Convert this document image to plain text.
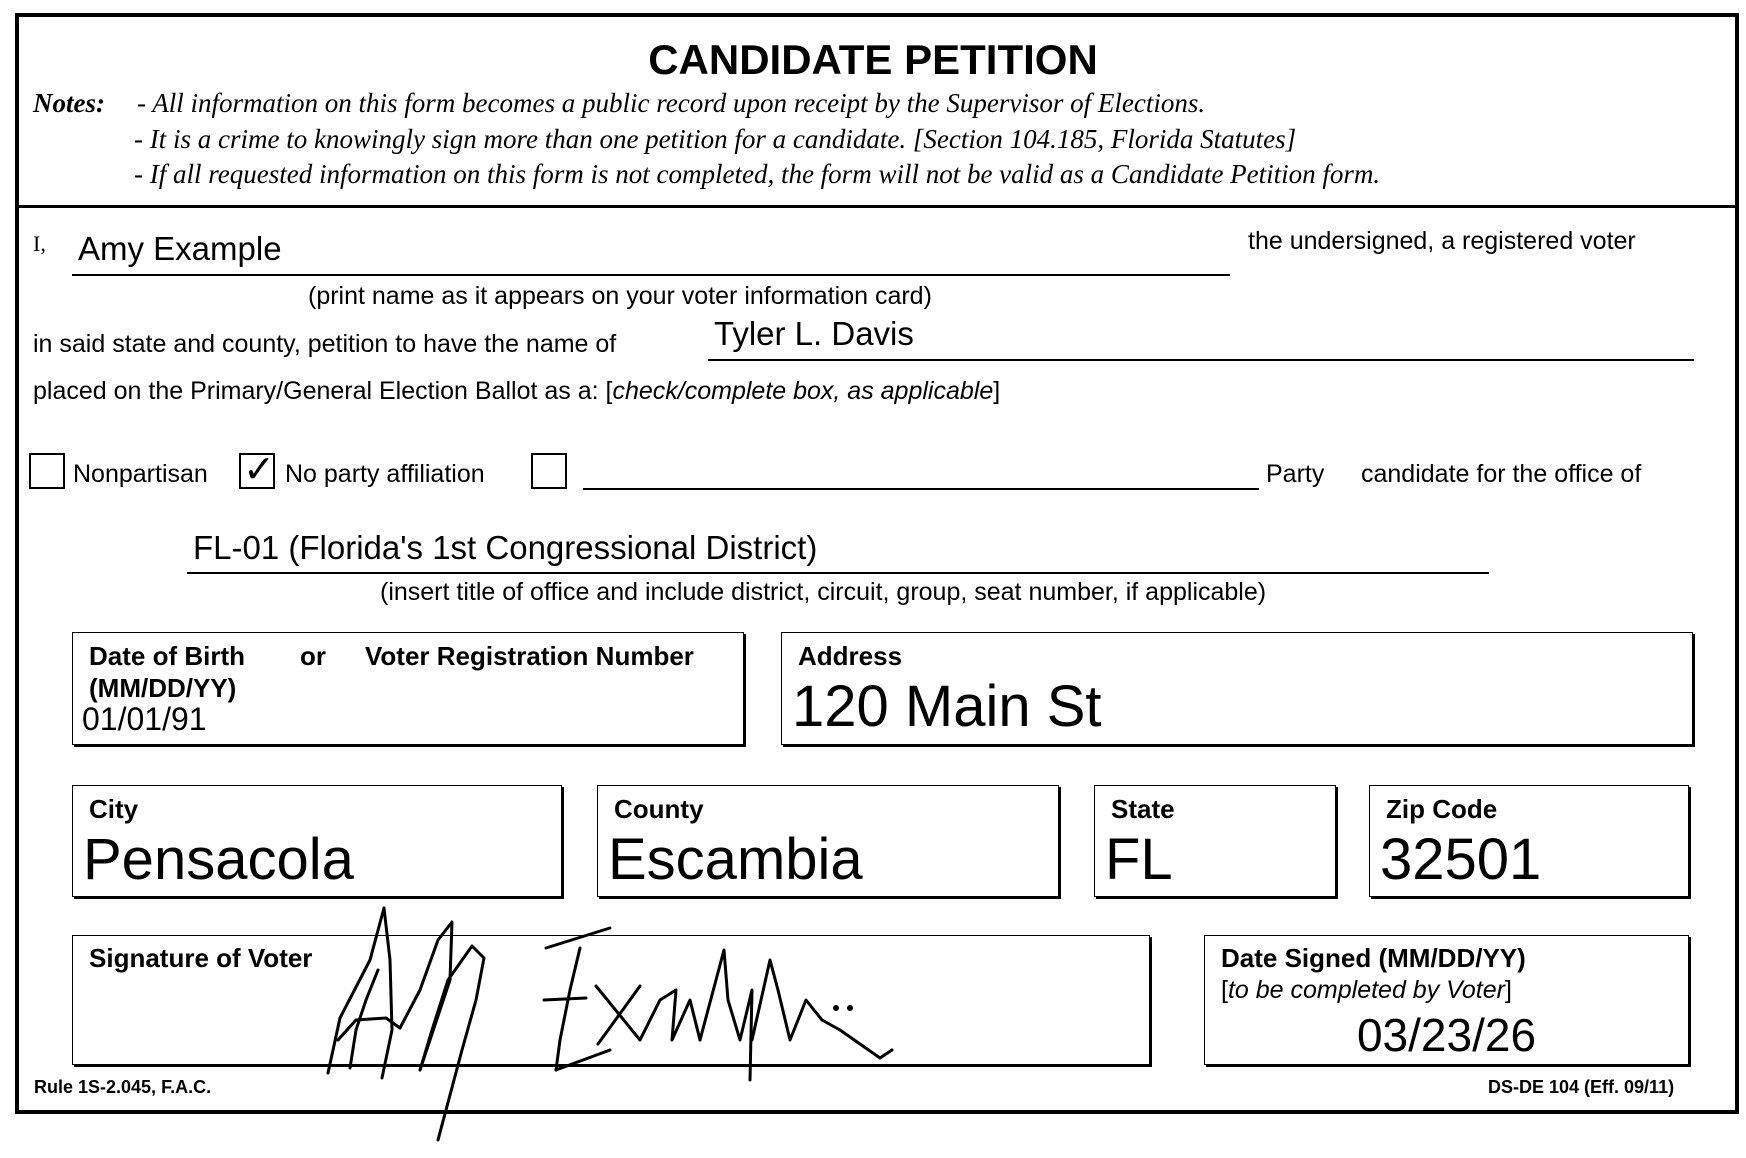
CANDIDATE PETITION
Notes: - All information on this form becomes a public record upon receipt by the Supervisor of Elections.
- It is a crime to knowingly sign more than one petition for a candidate. [Section 104.185, Florida Statutes]
- If all requested information on this form is not completed, the form will not be valid as a Candidate Petition form.
I, Amy Example	the undersigned, a registered voter
(print name as it appears on your voter information card)
in said state and county, petition to have the name of	Tyler L. Davis
placed on the Primary/General Election Ballot as a: [check/complete box, as applicable]
Nonpartisan ✓ No party affiliation	Party candidate for the office of
FL-01 (Florida's 1st Congressional District)
(insert title of office and include district, circuit, group, seat number, if applicable)
Date of Birth or Voter Registration Number
(MM/DD/YY)
01/01/91
Address
120 Main St
City
Pensacola
County
Escambia
State
FL
Zip Code
32501
Signature of Voter	Date Signed (MM/DD/YY)
[to be completed by Voter]
03/23/26
Rule 1S-2.045, F.A.C.	DS-DE 104 (Eff. 09/11)
